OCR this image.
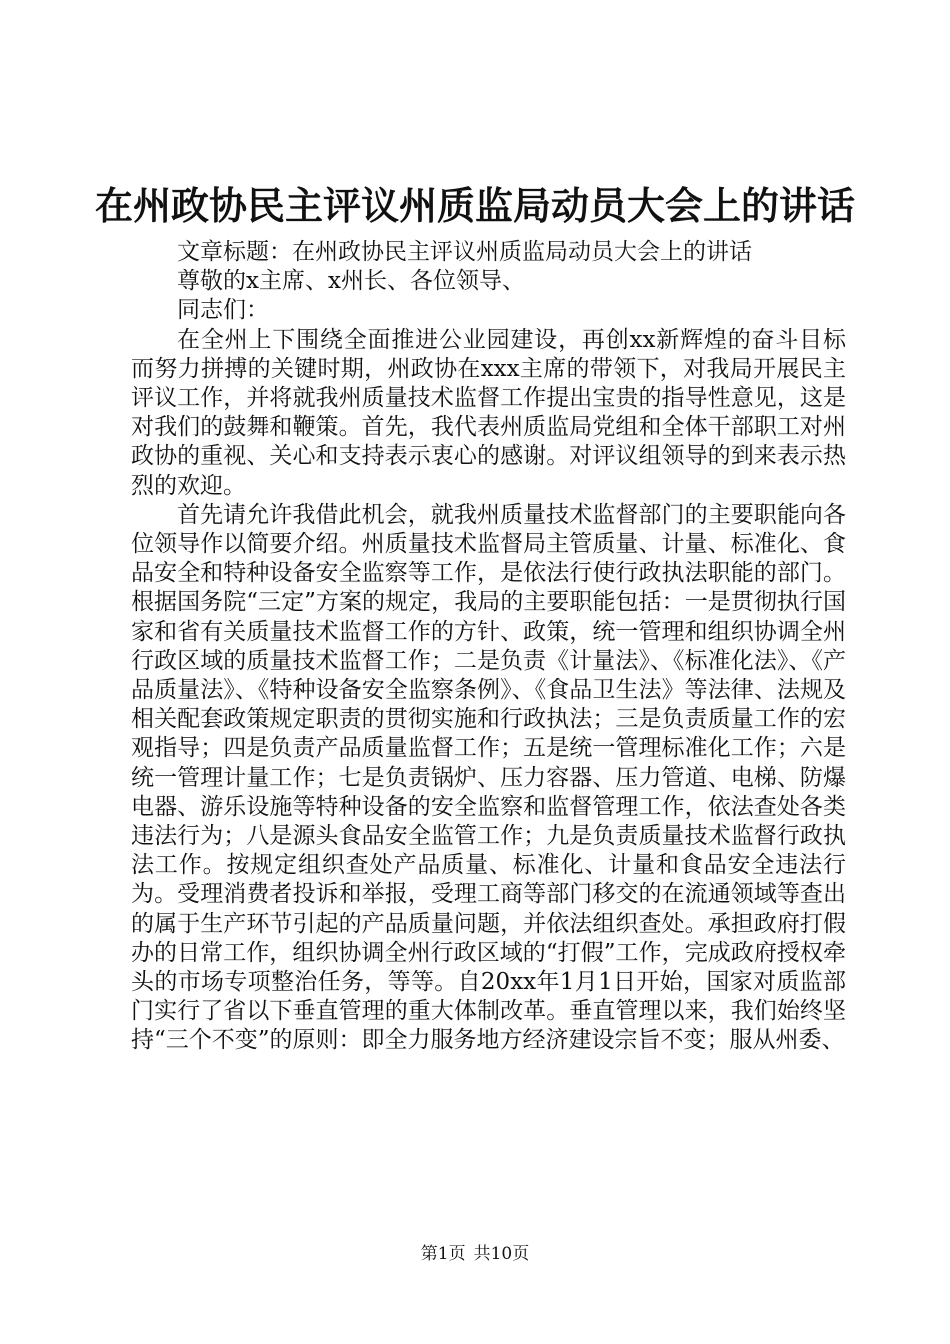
在州政协民主评议州质监局动员大会上的讲话

文章标题：在州政协民主评议州质监局动员大会上的讲话

尊敬的x主席、x州长、各位领导、

同志们：

在全州上下围绕全面推进公业园建设，再创xx新辉煌的奋斗目标而努力拼搏的关键时期，州政协在xxx主席的带领下，对我局开展民主评议工作，并将就我州质量技术监督工作提出宝贵的指导性意见，这是对我们的鼓舞和鞭策。首先，我代表州质监局党组和全体干部职工对州政协的重视、关心和支持表示衷心的感谢。对评议组领导的到来表示热烈的欢迎。

首先请允许我借此机会，就我州质量技术监督部门的主要职能向各位领导作以简要介绍。州质量技术监督局主管质量、计量、标准化、食品安全和特种设备安全监察等工作，是依法行使行政执法职能的部门。根据国务院“三定”方案的规定，我局的主要职能包括：一是贯彻执行国家和省有关质量技术监督工作的方针、政策，统一管理和组织协调全州行政区域的质量技术监督工作；二是负责《计量法》、《标准化法》、《产品质量法》、《特种设备安全监察条例》、《食品卫生法》等法律、法规及相关配套政策规定职责的贯彻实施和行政执法；三是负责质量工作的宏观指导；四是负责产品质量监督工作；五是统一管理标准化工作；六是统一管理计量工作；七是负责锅炉、压力容器、压力管道、电梯、防爆电器、游乐设施等特种设备的安全监察和监督管理工作，依法查处各类违法行为；八是源头食品安全监管工作；九是负责质量技术监督行政执法工作。按规定组织查处产品质量、标准化、计量和食品安全违法行为。受理消费者投诉和举报，受理工商等部门移交的在流通领域等查出的属于生产环节引起的产品质量问题，并依法组织查处。承担政府打假办的日常工作，组织协调全州行政区域的“打假”工作，完成政府授权牵头的市场专项整治任务，等等。自20xx年1月1日开始，国家对质监部门实行了省以下垂直管理的重大体制改革。垂直管理以来，我们始终坚持“三个不变”的原则：即全力服务地方经济建设宗旨不变；服从州委、

第1页 共10页
